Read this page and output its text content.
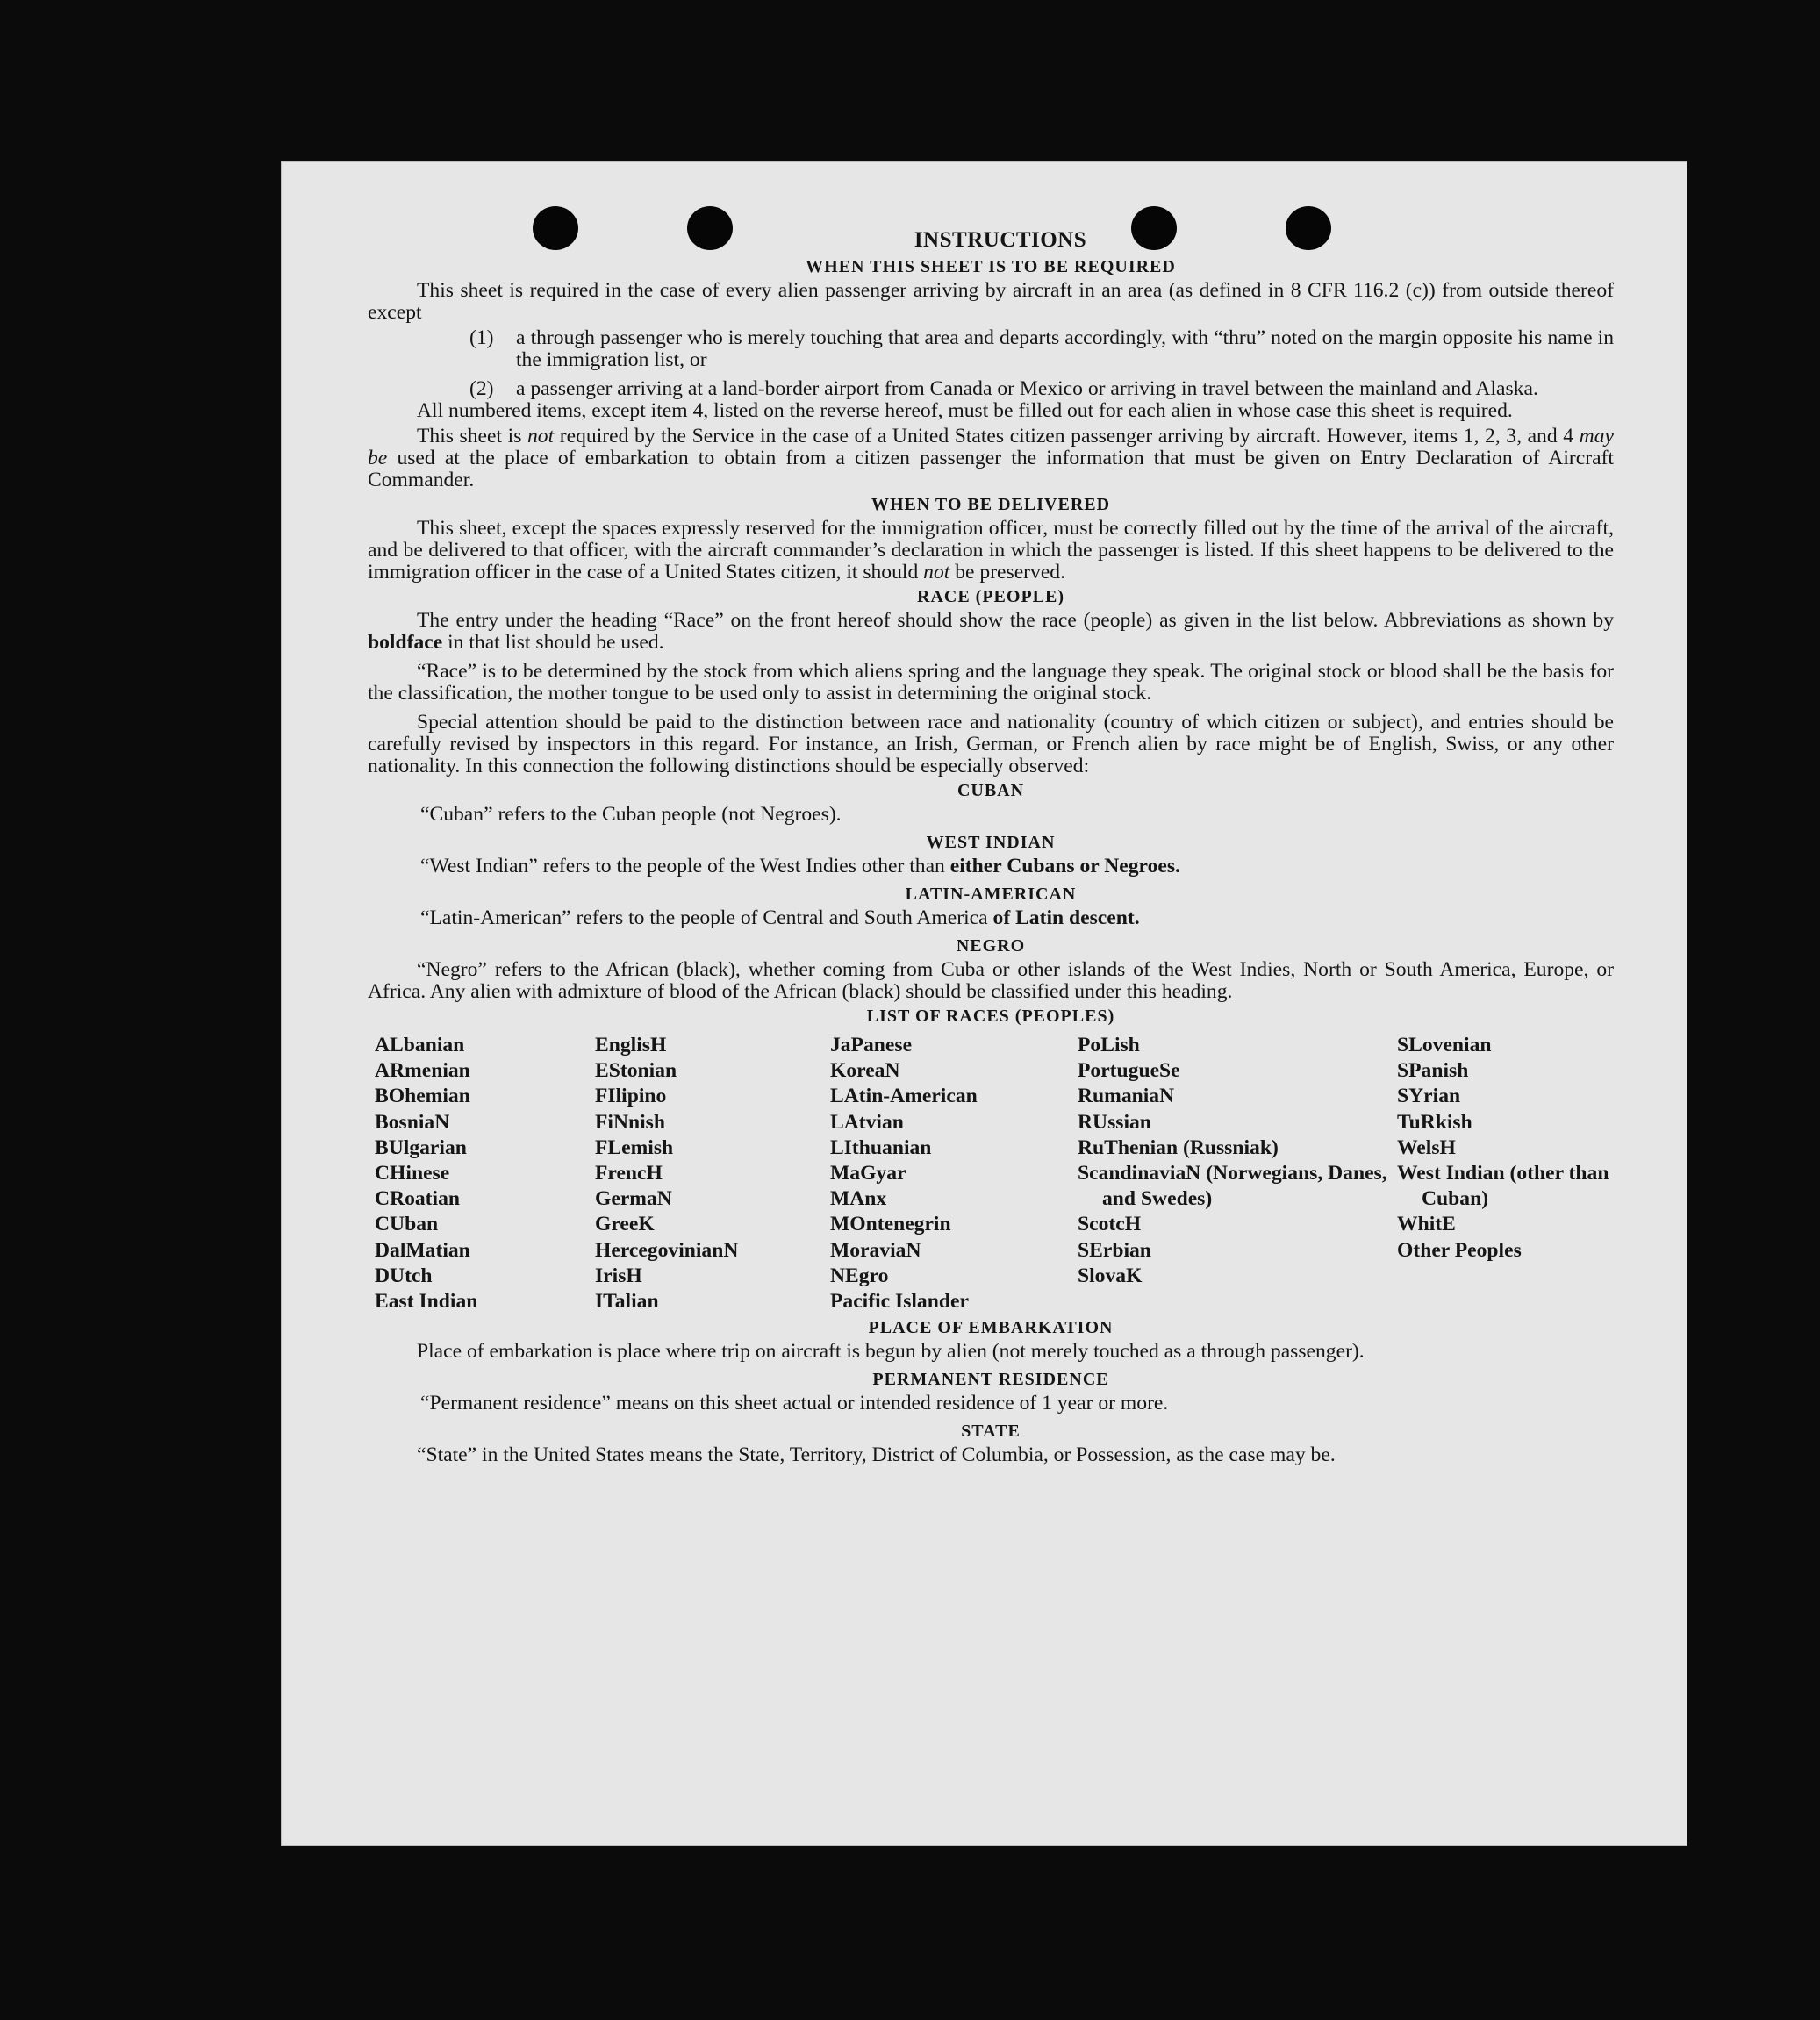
INSTRUCTIONS
WHEN THIS SHEET IS TO BE REQUIRED

This sheet is required in the case of every alien passenger arriving by aircraft in an area (as defined in 8 CFR 116.2 (c)) from outside thereof except

(1)	a through passenger who is merely touching that area and departs accordingly, with “thru” noted on the margin opposite his name in the immigration list, or
(2)	a passenger arriving at a land-border airport from Canada or Mexico or arriving in travel between the mainland and Alaska.

All numbered items, except item 4, listed on the reverse hereof, must be filled out for each alien in whose case this sheet is required.

This sheet is not required by the Service in the case of a United States citizen passenger arriving by aircraft. However, items 1, 2, 3, and 4 may be used at the place of embarkation to obtain from a citizen passenger the information that must be given on Entry Declaration of Aircraft Commander.

WHEN TO BE DELIVERED

This sheet, except the spaces expressly reserved for the immigration officer, must be correctly filled out by the time of the arrival of the aircraft, and be delivered to that officer, with the aircraft commander’s declaration in which the passenger is listed. If this sheet happens to be delivered to the immigration officer in the case of a United States citizen, it should not be preserved.

RACE (PEOPLE)

The entry under the heading “Race” on the front hereof should show the race (people) as given in the list below. Abbreviations as shown by boldface in that list should be used.

“Race” is to be determined by the stock from which aliens spring and the language they speak. The original stock or blood shall be the basis for the classification, the mother tongue to be used only to assist in determining the original stock.

Special attention should be paid to the distinction between race and nationality (country of which citizen or subject), and entries should be carefully revised by inspectors in this regard. For instance, an Irish, German, or French alien by race might be of English, Swiss, or any other nationality. In this connection the following distinctions should be especially observed:

CUBAN

“Cuban” refers to the Cuban people (not Negroes).

WEST INDIAN

“West Indian” refers to the people of the West Indies other than either Cubans or Negroes.

LATIN-AMERICAN

“Latin-American” refers to the people of Central and South America of Latin descent.

NEGRO

“Negro” refers to the African (black), whether coming from Cuba or other islands of the West Indies, North or South America, Europe, or Africa. Any alien with admixture of blood of the African (black) should be classified under this heading.

LIST OF RACES (PEOPLES)
ALbanian
ARmenian
BOhemian
BosniaN
BUlgarian
CHinese
CRoatian
CUban
DalMatian
DUtch
East Indian
EnglisH
EStonian
FIlipino
FiNnish
FLemish
FrencH
GermaN
GreeK
HercegovinianN
IrisH
ITalian
JaPanese
KoreaN
LAtin-American
LAtvian
LIthuanian
MaGyar
MAnx
MOntenegrin
MoraviaN
NEgro
Pacific Islander
PoLish
PortugueSe
RumaniaN
RUssian
RuThenian (Russniak)
ScandinaviaN (Norwegians, Danes, and Swedes)
ScotcH
SErbian
SlovaK
SLovenian
SPanish
SYrian
TuRkish
WelsH
West Indian (other than Cuban)
WhitE
Other Peoples
PLACE OF EMBARKATION

Place of embarkation is place where trip on aircraft is begun by alien (not merely touched as a through passenger).

PERMANENT RESIDENCE

“Permanent residence” means on this sheet actual or intended residence of 1 year or more.

STATE

“State” in the United States means the State, Territory, District of Columbia, or Possession, as the case may be.
